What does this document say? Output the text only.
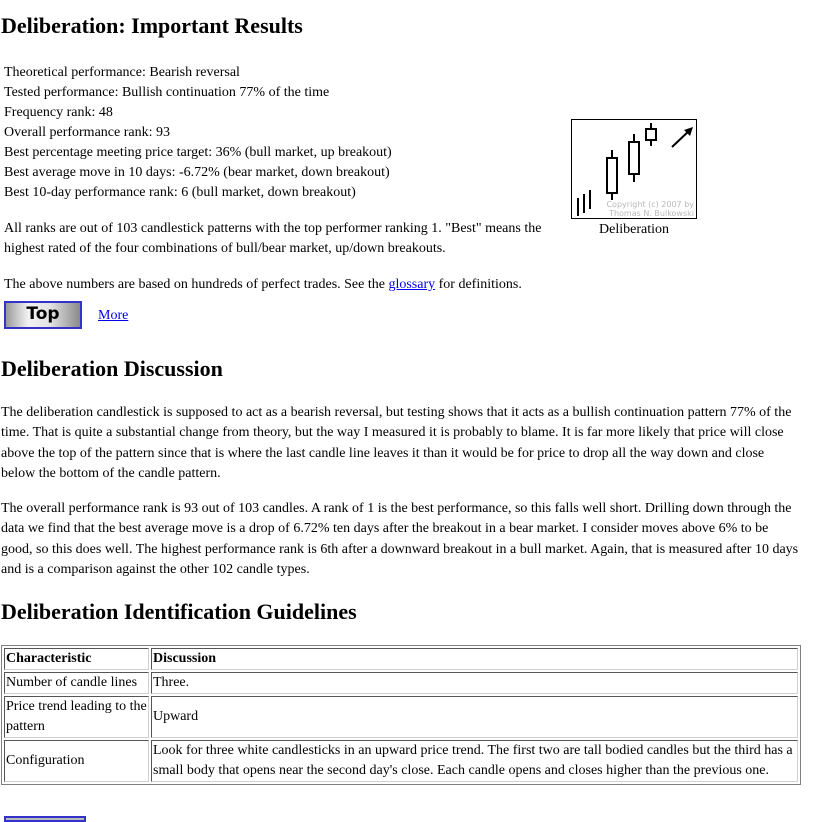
Deliberation: Important Results
Theoretical performance: Bearish reversal
Tested performance: Bullish continuation 77% of the time
Frequency rank: 48
Overall performance rank: 93
Best percentage meeting price target: 36% (bull market, up breakout)
Best average move in 10 days: -6.72% (bear market, down breakout)
Best 10-day performance rank: 6 (bull market, down breakout)
Copyright (c) 2007 by
Thomas N. Bulkowski
Deliberation
All ranks are out of 103 candlestick patterns with the top performer ranking 1. "Best" means the highest rated of the four combinations of bull/bear market, up/down breakouts.
The above numbers are based on hundreds of perfect trades. See the glossary for definitions.
Top	More
Deliberation Discussion
The deliberation candlestick is supposed to act as a bearish reversal, but testing shows that it acts as a bullish continuation pattern 77% of the time. That is quite a substantial change from theory, but the way I measured it is probably to blame. It is far more likely that price will close above the top of the pattern since that is where the last candle line leaves it than it would be for price to drop all the way down and close below the bottom of the candle pattern.
The overall performance rank is 93 out of 103 candles. A rank of 1 is the best performance, so this falls well short. Drilling down through the data we find that the best average move is a drop of 6.72% ten days after the breakout in a bear market. I consider moves above 6% to be good, so this does well. The highest performance rank is 6th after a downward breakout in a bull market. Again, that is measured after 10 days and is a comparison against the other 102 candle types.
Deliberation Identification Guidelines
Characteristic	Discussion
Number of candle lines	Three.
Price trend leading to the pattern	Upward
Configuration	Look for three white candlesticks in an upward price trend. The first two are tall bodied candles but the third has a small body that opens near the second day's close. Each candle opens and closes higher than the previous one.
